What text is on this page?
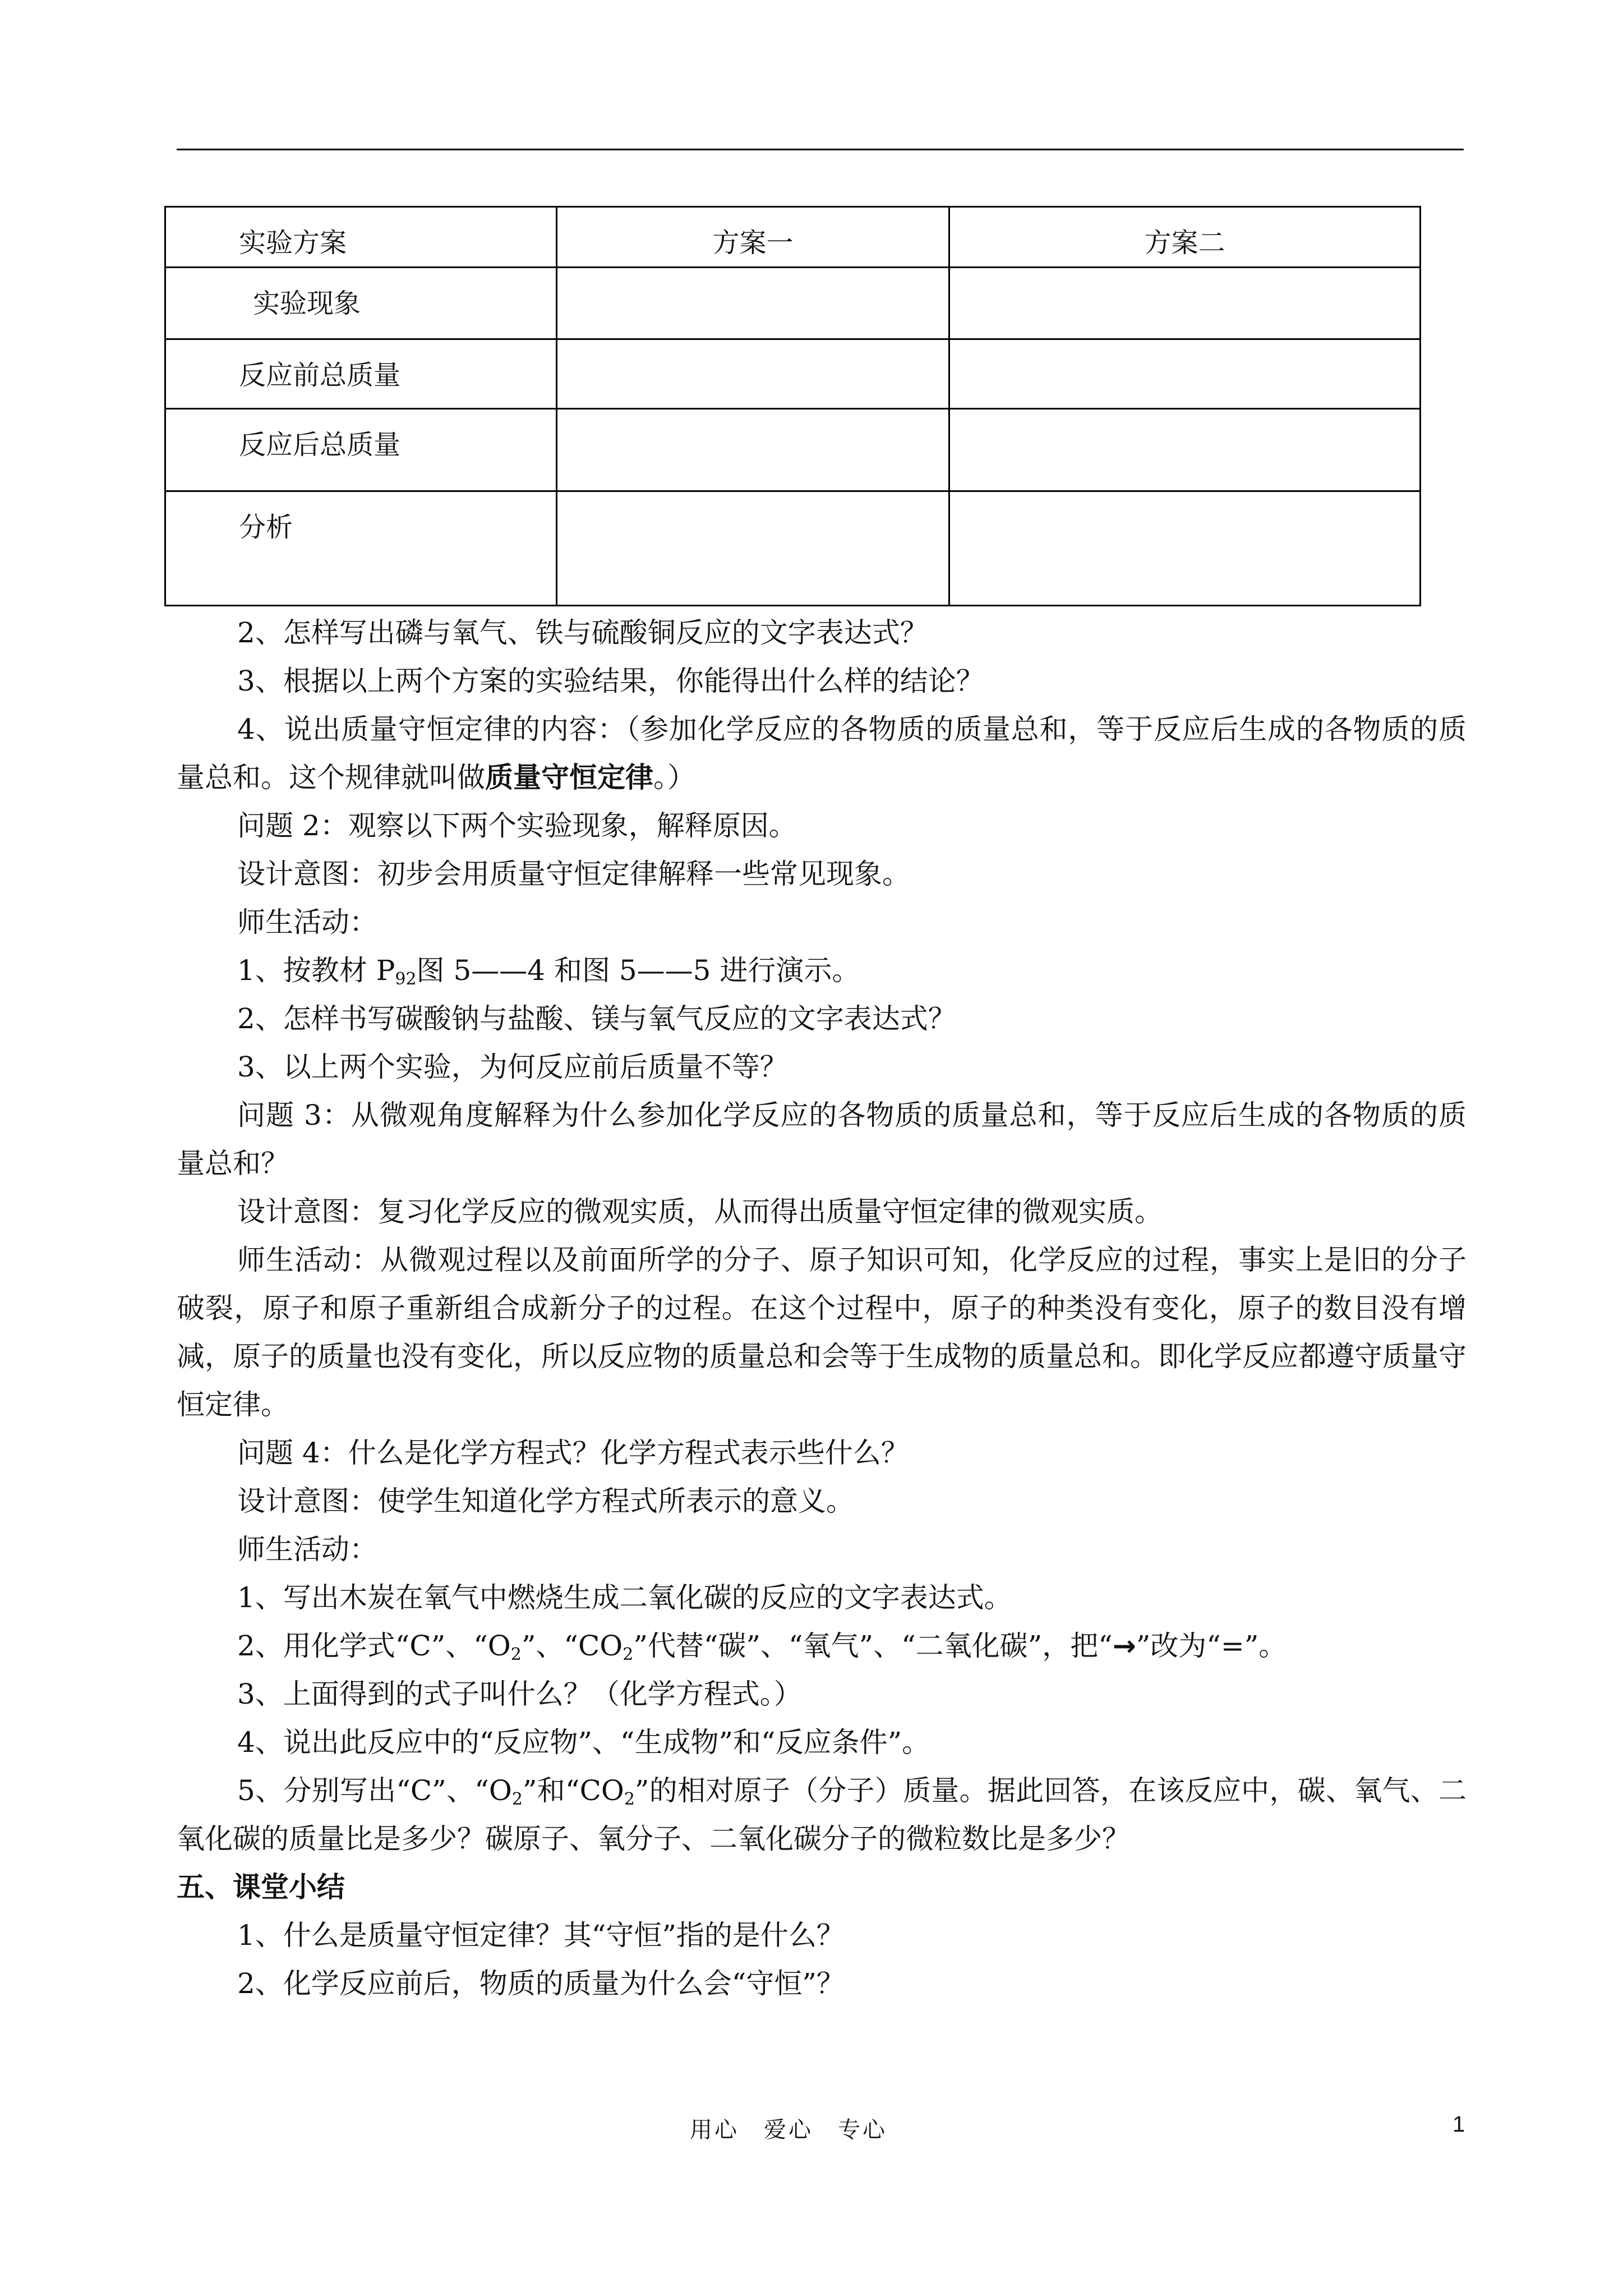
实验方案	方案一	方案二

实验现象		

反应前总质量		

反应后总质量		

分析		

2、怎样写出磷与氧气、铁与硫酸铜反应的文字表达式？

3、根据以上两个方案的实验结果，你能得出什么样的结论？

4、说出质量守恒定律的内容：（参加化学反应的各物质的质量总和，等于反应后生成的各物质的质量总和。这个规律就叫做质量守恒定律。）

问题 2：观察以下两个实验现象，解释原因。

设计意图：初步会用质量守恒定律解释一些常见现象。

师生活动：

1、按教材 $P_{92}$图 5——4 和图 5——5 进行演示。

2、怎样书写碳酸钠与盐酸、镁与氧气反应的文字表达式？

3、以上两个实验，为何反应前后质量不等？

问题 3：从微观角度解释为什么参加化学反应的各物质的质量总和，等于反应后生成的各物质的质量总和？

设计意图：复习化学反应的微观实质，从而得出质量守恒定律的微观实质。

师生活动：从微观过程以及前面所学的分子、原子知识可知，化学反应的过程，事实上是旧的分子破裂，原子和原子重新组合成新分子的过程。在这个过程中，原子的种类没有变化，原子的数目没有增减，原子的质量也没有变化，所以反应物的质量总和会等于生成物的质量总和。即化学反应都遵守质量守恒定律。

问题 4：什么是化学方程式？化学方程式表示些什么？

设计意图：使学生知道化学方程式所表示的意义。

师生活动：

1、写出木炭在氧气中燃烧生成二氧化碳的反应的文字表达式。

2、用化学式“C”、“$O_2$”、“$CO_2$”代替“碳”、“氧气”、“二氧化碳”，把“→”改为“=”。

3、上面得到的式子叫什么？（化学方程式。）

4、说出此反应中的“反应物”、“生成物”和“反应条件”。

5、分别写出“C”、“$O_2$”和“$CO_2$”的相对原子（分子）质量。据此回答，在该反应中，碳、氧气、二氧化碳的质量比是多少？碳原子、氧分子、二氧化碳分子的微粒数比是多少？

五、课堂小结

1、什么是质量守恒定律？其“守恒”指的是什么？

2、化学反应前后，物质的质量为什么会“守恒”？

用心　爱心　专心	1
